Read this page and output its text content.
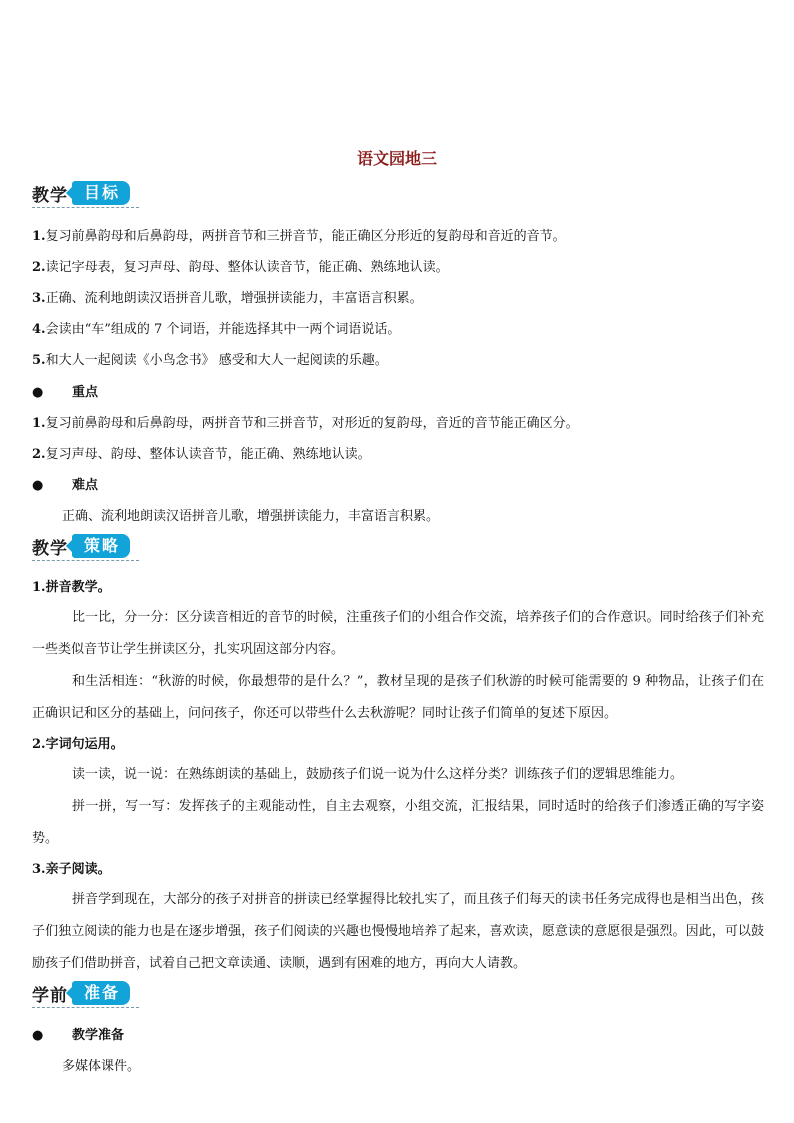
语文园地三
教学	目标
1.复习前鼻韵母和后鼻韵母，两拼音节和三拼音节，能正确区分形近的复韵母和音近的音节。
2.读记字母表，复习声母、韵母、整体认读音节，能正确、熟练地认读。
3.正确、流利地朗读汉语拼音儿歌，增强拼读能力，丰富语言积累。
4.会读由“车”组成的 7 个词语，并能选择其中一两个词语说话。
5.和大人一起阅读《小鸟念书》 感受和大人一起阅读的乐趣。
● 重点
1.复习前鼻韵母和后鼻韵母，两拼音节和三拼音节，对形近的复韵母，音近的音节能正确区分。
2.复习声母、韵母、整体认读音节，能正确、熟练地认读。
● 难点
正确、流利地朗读汉语拼音儿歌，增强拼读能力，丰富语言积累。
教学	策略
1.拼音教学。
比一比，分一分：区分读音相近的音节的时候，注重孩子们的小组合作交流，培养孩子们的合作意识。同时给孩子们补充一些类似音节让学生拼读区分，扎实巩固这部分内容。
和生活相连：“秋游的时候，你最想带的是什么？”，教材呈现的是孩子们秋游的时候可能需要的 9 种物品，让孩子们在正确识记和区分的基础上，问问孩子，你还可以带些什么去秋游呢？同时让孩子们简单的复述下原因。
2.字词句运用。
读一读，说一说：在熟练朗读的基础上，鼓励孩子们说一说为什么这样分类？训练孩子们的逻辑思维能力。
拼一拼，写一写：发挥孩子的主观能动性，自主去观察，小组交流，汇报结果，同时适时的给孩子们渗透正确的写字姿势。
3.亲子阅读。
拼音学到现在，大部分的孩子对拼音的拼读已经掌握得比较扎实了，而且孩子们每天的读书任务完成得也是相当出色，孩子们独立阅读的能力也是在逐步增强，孩子们阅读的兴趣也慢慢地培养了起来，喜欢读，愿意读的意愿很是强烈。因此，可以鼓励孩子们借助拼音，试着自己把文章读通、读顺，遇到有困难的地方，再向大人请教。
学前	准备
● 教学准备
多媒体课件。
